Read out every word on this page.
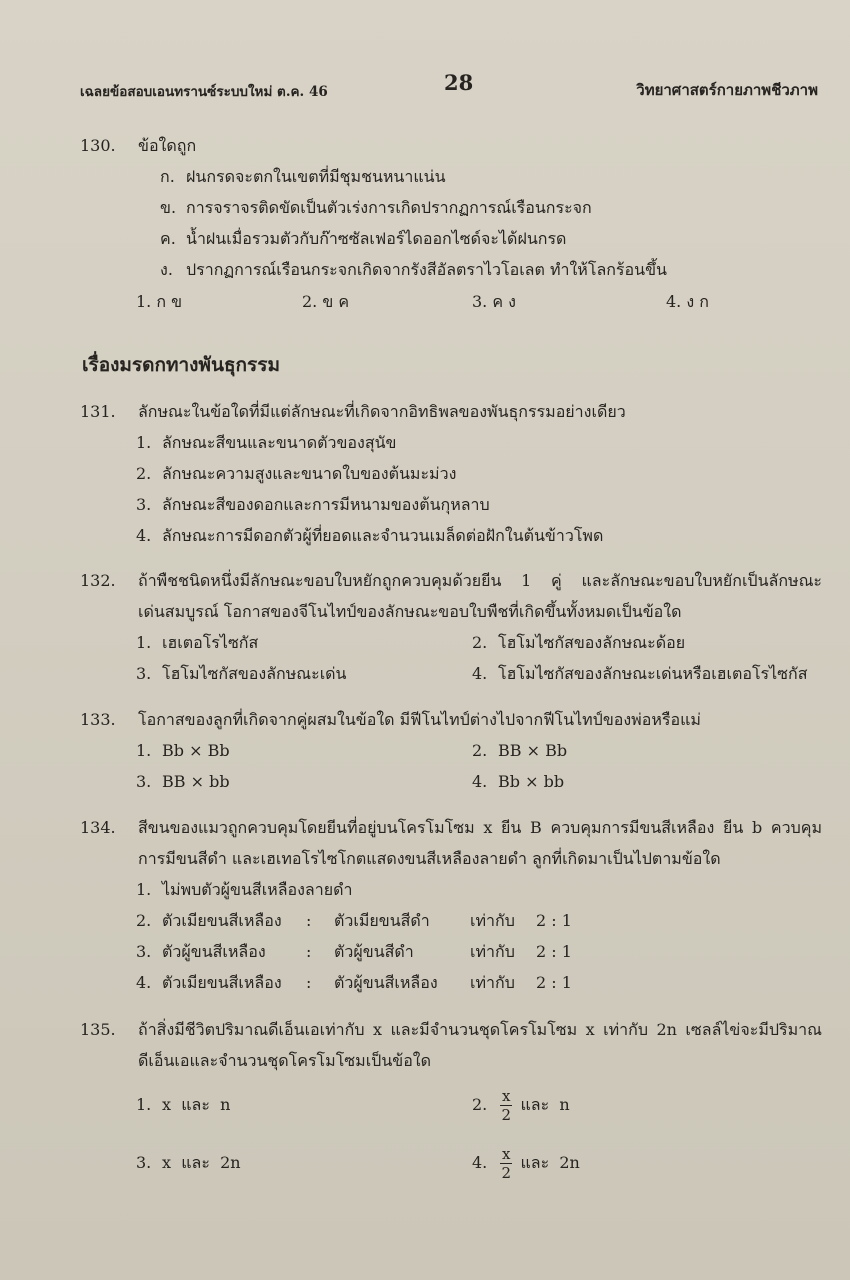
เฉลยข้อสอบเอนทรานซ์ระบบใหม่ ต.ค. 46	28	วิทยาศาสตร์กายภาพชีวภาพ
130. ข้อใดถูก
ก. ฝนกรดจะตกในเขตที่มีชุมชนหนาแน่น
ข. การจราจรติดขัดเป็นตัวเร่งการเกิดปรากฏการณ์เรือนกระจก
ค. น้ำฝนเมื่อรวมตัวกับก๊าซซัลเฟอร์ไดออกไซด์จะได้ฝนกรด
ง. ปรากฏการณ์เรือนกระจกเกิดจากรังสีอัลตราไวโอเลต ทำให้โลกร้อนขึ้น
1. ก ข	2. ข ค	3. ค ง	4. ง ก
เรื่องมรดกทางพันธุกรรม
131. ลักษณะในข้อใดที่มีแต่ลักษณะที่เกิดจากอิทธิพลของพันธุกรรมอย่างเดียว
1. ลักษณะสีขนและขนาดตัวของสุนัข
2. ลักษณะความสูงและขนาดใบของต้นมะม่วง
3. ลักษณะสีของดอกและการมีหนามของต้นกุหลาบ
4. ลักษณะการมีดอกตัวผู้ที่ยอดและจำนวนเมล็ดต่อฝักในต้นข้าวโพด
132. ถ้าพืชชนิดหนึ่งมีลักษณะขอบใบหยักถูกควบคุมด้วยยีน 1 คู่ และลักษณะขอบใบหยักเป็นลักษณะ
เด่นสมบูรณ์ โอกาสของจีโนไทป์ของลักษณะขอบใบพืชที่เกิดขึ้นทั้งหมดเป็นข้อใด
1. เฮเตอโรไซกัส	2. โฮโมไซกัสของลักษณะด้อย
3. โฮโมไซกัสของลักษณะเด่น	4. โฮโมไซกัสของลักษณะเด่นหรือเฮเตอโรไซกัส
133. โอกาสของลูกที่เกิดจากคู่ผสมในข้อใด มีฟีโนไทป์ต่างไปจากฟีโนไทป์ของพ่อหรือแม่
1. Bb × Bb	2. BB × Bb
3. BB × bb	4. Bb × bb
134. สีขนของแมวถูกควบคุมโดยยีนที่อยู่บนโครโมโซม x ยีน B ควบคุมการมีขนสีเหลือง ยีน b ควบคุม
การมีขนสีดำ และเฮเทอโรไซโกตแสดงขนสีเหลืองลายดำ ลูกที่เกิดมาเป็นไปตามข้อใด
1. ไม่พบตัวผู้ขนสีเหลืองลายดำ
2. ตัวเมียขนสีเหลือง : ตัวเมียขนสีดำ	เท่ากับ 2 : 1
3. ตัวผู้ขนสีเหลือง	: ตัวผู้ขนสีดำ	เท่ากับ 2 : 1
4. ตัวเมียขนสีเหลือง : ตัวผู้ขนสีเหลือง เท่ากับ 2 : 1
135. ถ้าสิ่งมีชีวิตปริมาณดีเอ็นเอเท่ากับ x และมีจำนวนชุดโครโมโซม x เท่ากับ 2n เซลล์ไข่จะมีปริมาณ
ดีเอ็นเอและจำนวนชุดโครโมโซมเป็นข้อใด
1. x และ n	2. $\frac{x}{2}$ และ n
3. x และ 2n	4. $\frac{x}{2}$ และ 2n
